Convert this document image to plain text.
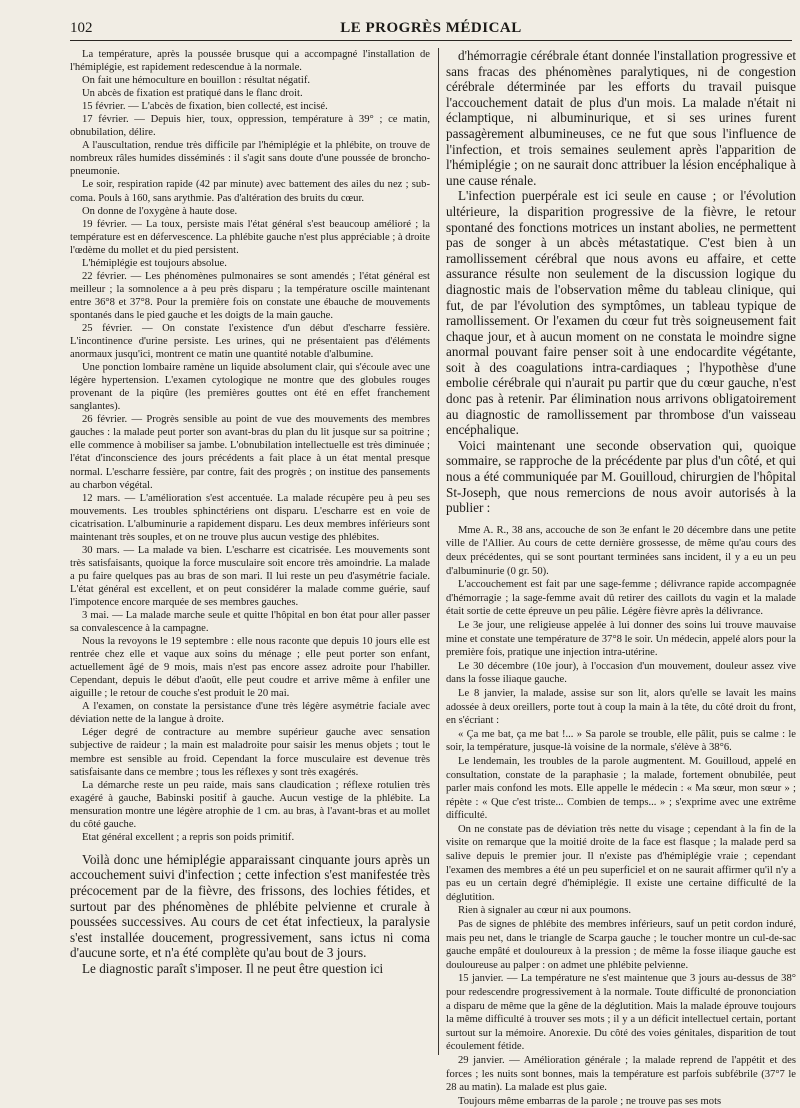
102	LE PROGRÈS MÉDICAL

La température, après la poussée brusque qui a accompagné l'installation de l'hémiplégie, est rapidement redescendue à la normale.

On fait une hémoculture en bouillon : résultat négatif.

Un abcès de fixation est pratiqué dans le flanc droit.

15 février. — L'abcès de fixation, bien collecté, est incisé.

17 février. — Depuis hier, toux, oppression, température à 39° ; ce matin, obnubilation, délire.

A l'auscultation, rendue très difficile par l'hémiplégie et la phlébite, on trouve de nombreux râles humides disséminés : il s'agit sans doute d'une poussée de broncho-pneumonie.

Le soir, respiration rapide (42 par minute) avec battement des ailes du nez ; sub-coma. Pouls à 160, sans arythmie. Pas d'altération des bruits du cœur.

On donne de l'oxygène à haute dose.

19 février. — La toux, persiste mais l'état général s'est beaucoup amélioré ; la température est en défervescence. La phlébite gauche n'est plus appréciable ; à droite l'œdème du mollet et du pied persistent.

L'hémiplégie est toujours absolue.

22 février. — Les phénomènes pulmonaires se sont amendés ; l'état général est meilleur ; la somnolence a à peu près disparu ; la température oscille maintenant entre 36°8 et 37°8. Pour la première fois on constate une ébauche de mouvements spontanés dans le pied gauche et les doigts de la main gauche.

25 février. — On constate l'existence d'un début d'escharre fessière. L'incontinence d'urine persiste. Les urines, qui ne présentaient pas d'éléments anormaux jusqu'ici, montrent ce matin une quantité notable d'albumine.

Une ponction lombaire ramène un liquide absolument clair, qui s'écoule avec une légère hypertension. L'examen cytologique ne montre que des globules rouges provenant de la piqûre (les premières gouttes ont été en effet franchement sanglantes).

26 février. — Progrès sensible au point de vue des mouvements des membres gauches : la malade peut porter son avant-bras du plan du lit jusque sur sa poitrine ; elle commence à mobiliser sa jambe. L'obnubilation intellectuelle est très diminuée ; l'état d'inconscience des jours précédents a fait place à un état mental presque normal. L'escharre fessière, par contre, fait des progrès ; on institue des pansements au charbon végétal.

12 mars. — L'amélioration s'est accentuée. La malade récupère peu à peu ses mouvements. Les troubles sphinctériens ont disparu. L'escharre est en voie de cicatrisation. L'albuminurie a rapidement disparu. Les deux membres inférieurs sont maintenant très souples, et on ne trouve plus aucun vestige des phlébites.

30 mars. — La malade va bien. L'escharre est cicatrisée. Les mouvements sont très satisfaisants, quoique la force musculaire soit encore très amoindrie. La malade a pu faire quelques pas au bras de son mari. Il lui reste un peu d'asymétrie faciale. L'état général est excellent, et on peut considérer la malade comme guérie, sauf l'impotence encore marquée de ses membres gauches.

3 mai. — La malade marche seule et quitte l'hôpital en bon état pour aller passer sa convalescence à la campagne.

Nous la revoyons le 19 septembre : elle nous raconte que depuis 10 jours elle est rentrée chez elle et vaque aux soins du ménage ; elle peut porter son enfant, actuellement âgé de 9 mois, mais n'est pas encore assez adroite pour l'habiller. Cependant, depuis le début d'août, elle peut coudre et arrive même à enfiler une aiguille ; le retour de couche s'est produit le 20 mai.

A l'examen, on constate la persistance d'une très légère asymétrie faciale avec déviation nette de la langue à droite.

Léger degré de contracture au membre supérieur gauche avec sensation subjective de raideur ; la main est maladroite pour saisir les menus objets ; tout le membre est sensible au froid. Cependant la force musculaire est devenue très satisfaisante dans ce membre ; tous les réflexes y sont très exagérés.

La démarche reste un peu raide, mais sans claudication ; réflexe rotulien très exagéré à gauche, Babinski positif à gauche. Aucun vestige de la phlébite. La mensuration montre une légère atrophie de 1 cm. au bras, à l'avant-bras et au mollet du côté gauche.

Etat général excellent ; a repris son poids primitif.

Voilà donc une hémiplégie apparaissant cinquante jours après un accouchement suivi d'infection ; cette infection s'est manifestée très précocement par de la fièvre, des frissons, des lochies fétides, et surtout par des phénomènes de phlébite pelvienne et crurale à poussées successives. Au cours de cet état infectieux, la paralysie s'est installée doucement, progressivement, sans ictus ni coma d'aucune sorte, et n'a été complète qu'au bout de 3 jours.

Le diagnostic paraît s'imposer. Il ne peut être question ici

d'hémorragie cérébrale étant donnée l'installation progressive et sans fracas des phénomènes paralytiques, ni de congestion cérébrale déterminée par les efforts du travail puisque l'accouchement datait de plus d'un mois. La malade n'était ni éclamptique, ni albuminurique, et si ses urines furent passagèrement albumineuses, ce ne fut que sous l'influence de l'infection, et trois semaines seulement après l'apparition de l'hémiplégie ; on ne saurait donc attribuer la lésion encéphalique à une cause rénale.

L'infection puerpérale est ici seule en cause ; or l'évolution ultérieure, la disparition progressive de la fièvre, le retour spontané des fonctions motrices un instant abolies, ne permettent pas de songer à un abcès métastatique. C'est bien à un ramollissement cérébral que nous avons eu affaire, et cette assurance résulte non seulement de la discussion logique du diagnostic mais de l'observation même du tableau clinique, qui fut, de par l'évolution des symptômes, un tableau typique de ramollissement. Or l'examen du cœur fut très soigneusement fait chaque jour, et à aucun moment on ne constata le moindre signe anormal pouvant faire penser soit à une endocardite végétante, soit à des coagulations intra-cardiaques ; l'hypothèse d'une embolie cérébrale qui n'aurait pu partir que du cœur gauche, n'est donc pas à retenir. Par élimination nous arrivons obligatoirement au diagnostic de ramollissement par thrombose d'un vaisseau encéphalique.

Voici maintenant une seconde observation qui, quoique sommaire, se rapproche de la précédente par plus d'un côté, et qui nous a été communiquée par M. Gouilloud, chirurgien de l'hôpital St-Joseph, que nous remercions de nous avoir autorisés à la publier :

Mme A. R., 38 ans, accouche de son 3e enfant le 20 décembre dans une petite ville de l'Allier. Au cours de cette dernière grossesse, de même qu'au cours des deux précédentes, qui se sont pourtant terminées sans incident, il y a eu un peu d'albuminurie (0 gr. 50).

L'accouchement est fait par une sage-femme ; délivrance rapide accompagnée d'hémorragie ; la sage-femme avait dû retirer des caillots du vagin et la malade était sortie de cette épreuve un peu pâlie. Légère fièvre après la délivrance.

Le 3e jour, une religieuse appelée à lui donner des soins lui trouve mauvaise mine et constate une température de 37°8 le soir. Un médecin, appelé alors pour la première fois, pratique une injection intra-utérine.

Le 30 décembre (10e jour), à l'occasion d'un mouvement, douleur assez vive dans la fosse iliaque gauche.

Le 8 janvier, la malade, assise sur son lit, alors qu'elle se lavait les mains adossée à deux oreillers, porte tout à coup la main à la tête, du côté droit du front, en s'écriant :

« Ça me bat, ça me bat !... » Sa parole se trouble, elle pâlit, puis se calme : le soir, la température, jusque-là voisine de la normale, s'élève à 38°6.

Le lendemain, les troubles de la parole augmentent. M. Gouilloud, appelé en consultation, constate de la paraphasie ; la malade, fortement obnubilée, peut parler mais confond les mots. Elle appelle le médecin : « Ma sœur, mon sœur » ; répète : « Que c'est triste... Combien de temps... » ; s'exprime avec une extrême difficulté.

On ne constate pas de déviation très nette du visage ; cependant à la fin de la visite on remarque que la moitié droite de la face est flasque ; la malade perd sa salive depuis le premier jour. Il n'existe pas d'hémiplégie vraie ; cependant l'examen des membres a été un peu superficiel et on ne saurait affirmer qu'il n'y a pas eu un certain degré d'hémiplégie. Il existe une certaine difficulté de la déglutition.

Rien à signaler au cœur ni aux poumons.

Pas de signes de phlébite des membres inférieurs, sauf un petit cordon induré, mais peu net, dans le triangle de Scarpa gauche ; le toucher montre un cul-de-sac gauche empâté et douloureux à la pression ; de même la fosse iliaque gauche est douloureuse au palper : on admet une phlébite pelvienne.

15 janvier. — La température ne s'est maintenue que 3 jours au-dessus de 38° pour redescendre progressivement à la normale. Toute difficulté de prononciation a disparu de même que la gêne de la déglutition. Mais la malade éprouve toujours la même difficulté à trouver ses mots ; il y a un déficit intellectuel certain, portant surtout sur la mémoire. Anorexie. Du côté des voies génitales, disparition de tout écoulement fétide.

29 janvier. — Amélioration générale ; la malade reprend de l'appétit et des forces ; les nuits sont bonnes, mais la température est parfois subfébrile (37°7 le 28 au matin). La malade est plus gaie.

Toujours même embarras de la parole ; ne trouve pas ses mots
